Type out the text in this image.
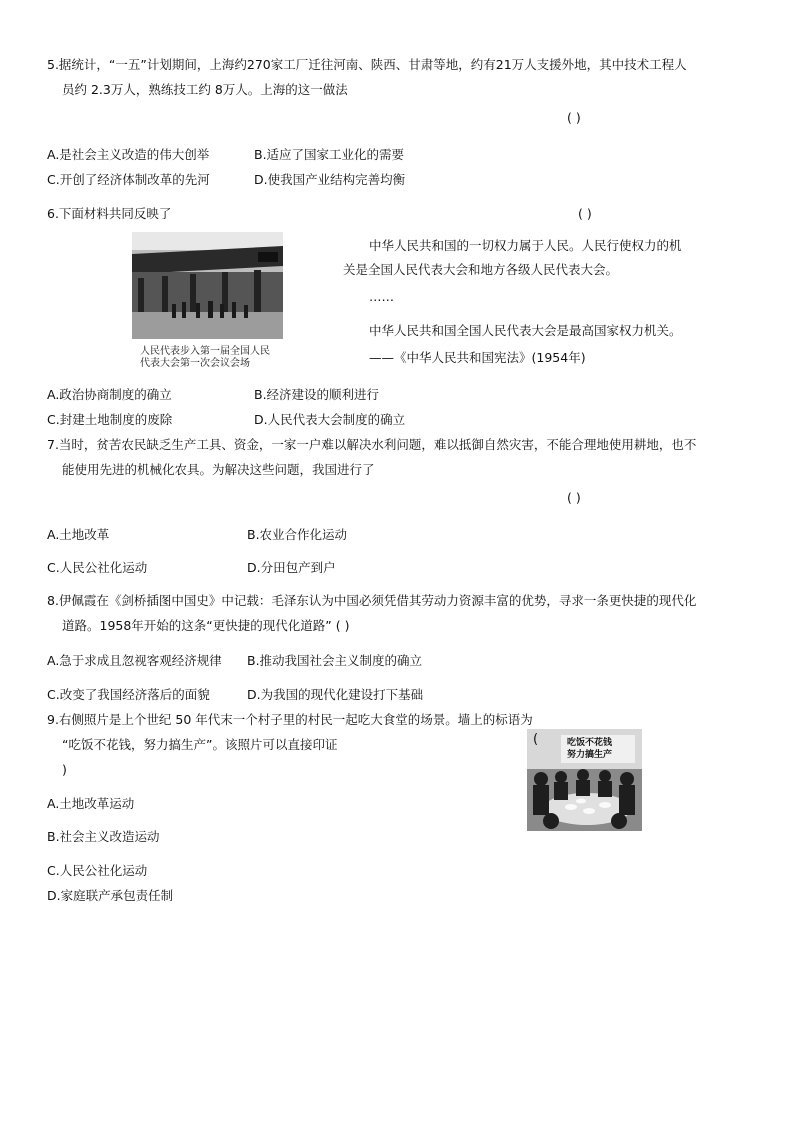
5.据统计，“一五”计划期间，上海约270家工厂迁往河南、陕西、甘肃等地，约有21万人支援外地，其中技术工程人
员约 2.3万人，熟练技工约 8万人。上海的这一做法
( )
A.是社会主义改造的伟大创举	B.适应了国家工业化的需要
C.开创了经济体制改革的先河	D.使我国产业结构完善均衡
6.下面材料共同反映了	( )
人民代表步入第一届全国人民
代表大会第一次会议会场
中华人民共和国的一切权力属于人民。人民行使权力的机
关是全国人民代表大会和地方各级人民代表大会。
……
中华人民共和国全国人民代表大会是最高国家权力机关。
——《中华人民共和国宪法》(1954年)
A.政治协商制度的确立	B.经济建设的顺利进行
C.封建土地制度的废除	D.人民代表大会制度的确立
7.当时，贫苦农民缺乏生产工具、资金，一家一户难以解决水利问题，难以抵御自然灾害，不能合理地使用耕地，也不
能使用先进的机械化农具。为解决这些问题，我国进行了
( )
A.土地改革	B.农业合作化运动
C.人民公社化运动	D.分田包产到户
8.伊佩霞在《剑桥插图中国史》中记载：毛泽东认为中国必须凭借其劳动力资源丰富的优势，寻求一条更快捷的现代化
道路。1958年开始的这条“更快捷的现代化道路” ( )
A.急于求成且忽视客观经济规律 B.推动我国社会主义制度的确立
C.改变了我国经济落后的面貌	D.为我国的现代化建设打下基础
9.右侧照片是上个世纪 50 年代末一个村子里的村民一起吃大食堂的场景。墙上的标语为
“吃饭不花钱，努力搞生产”。该照片可以直接印证
)
(	吃饭不花钱
努力搞生产
A.土地改革运动
B.社会主义改造运动
C.人民公社化运动
D.家庭联产承包责任制
